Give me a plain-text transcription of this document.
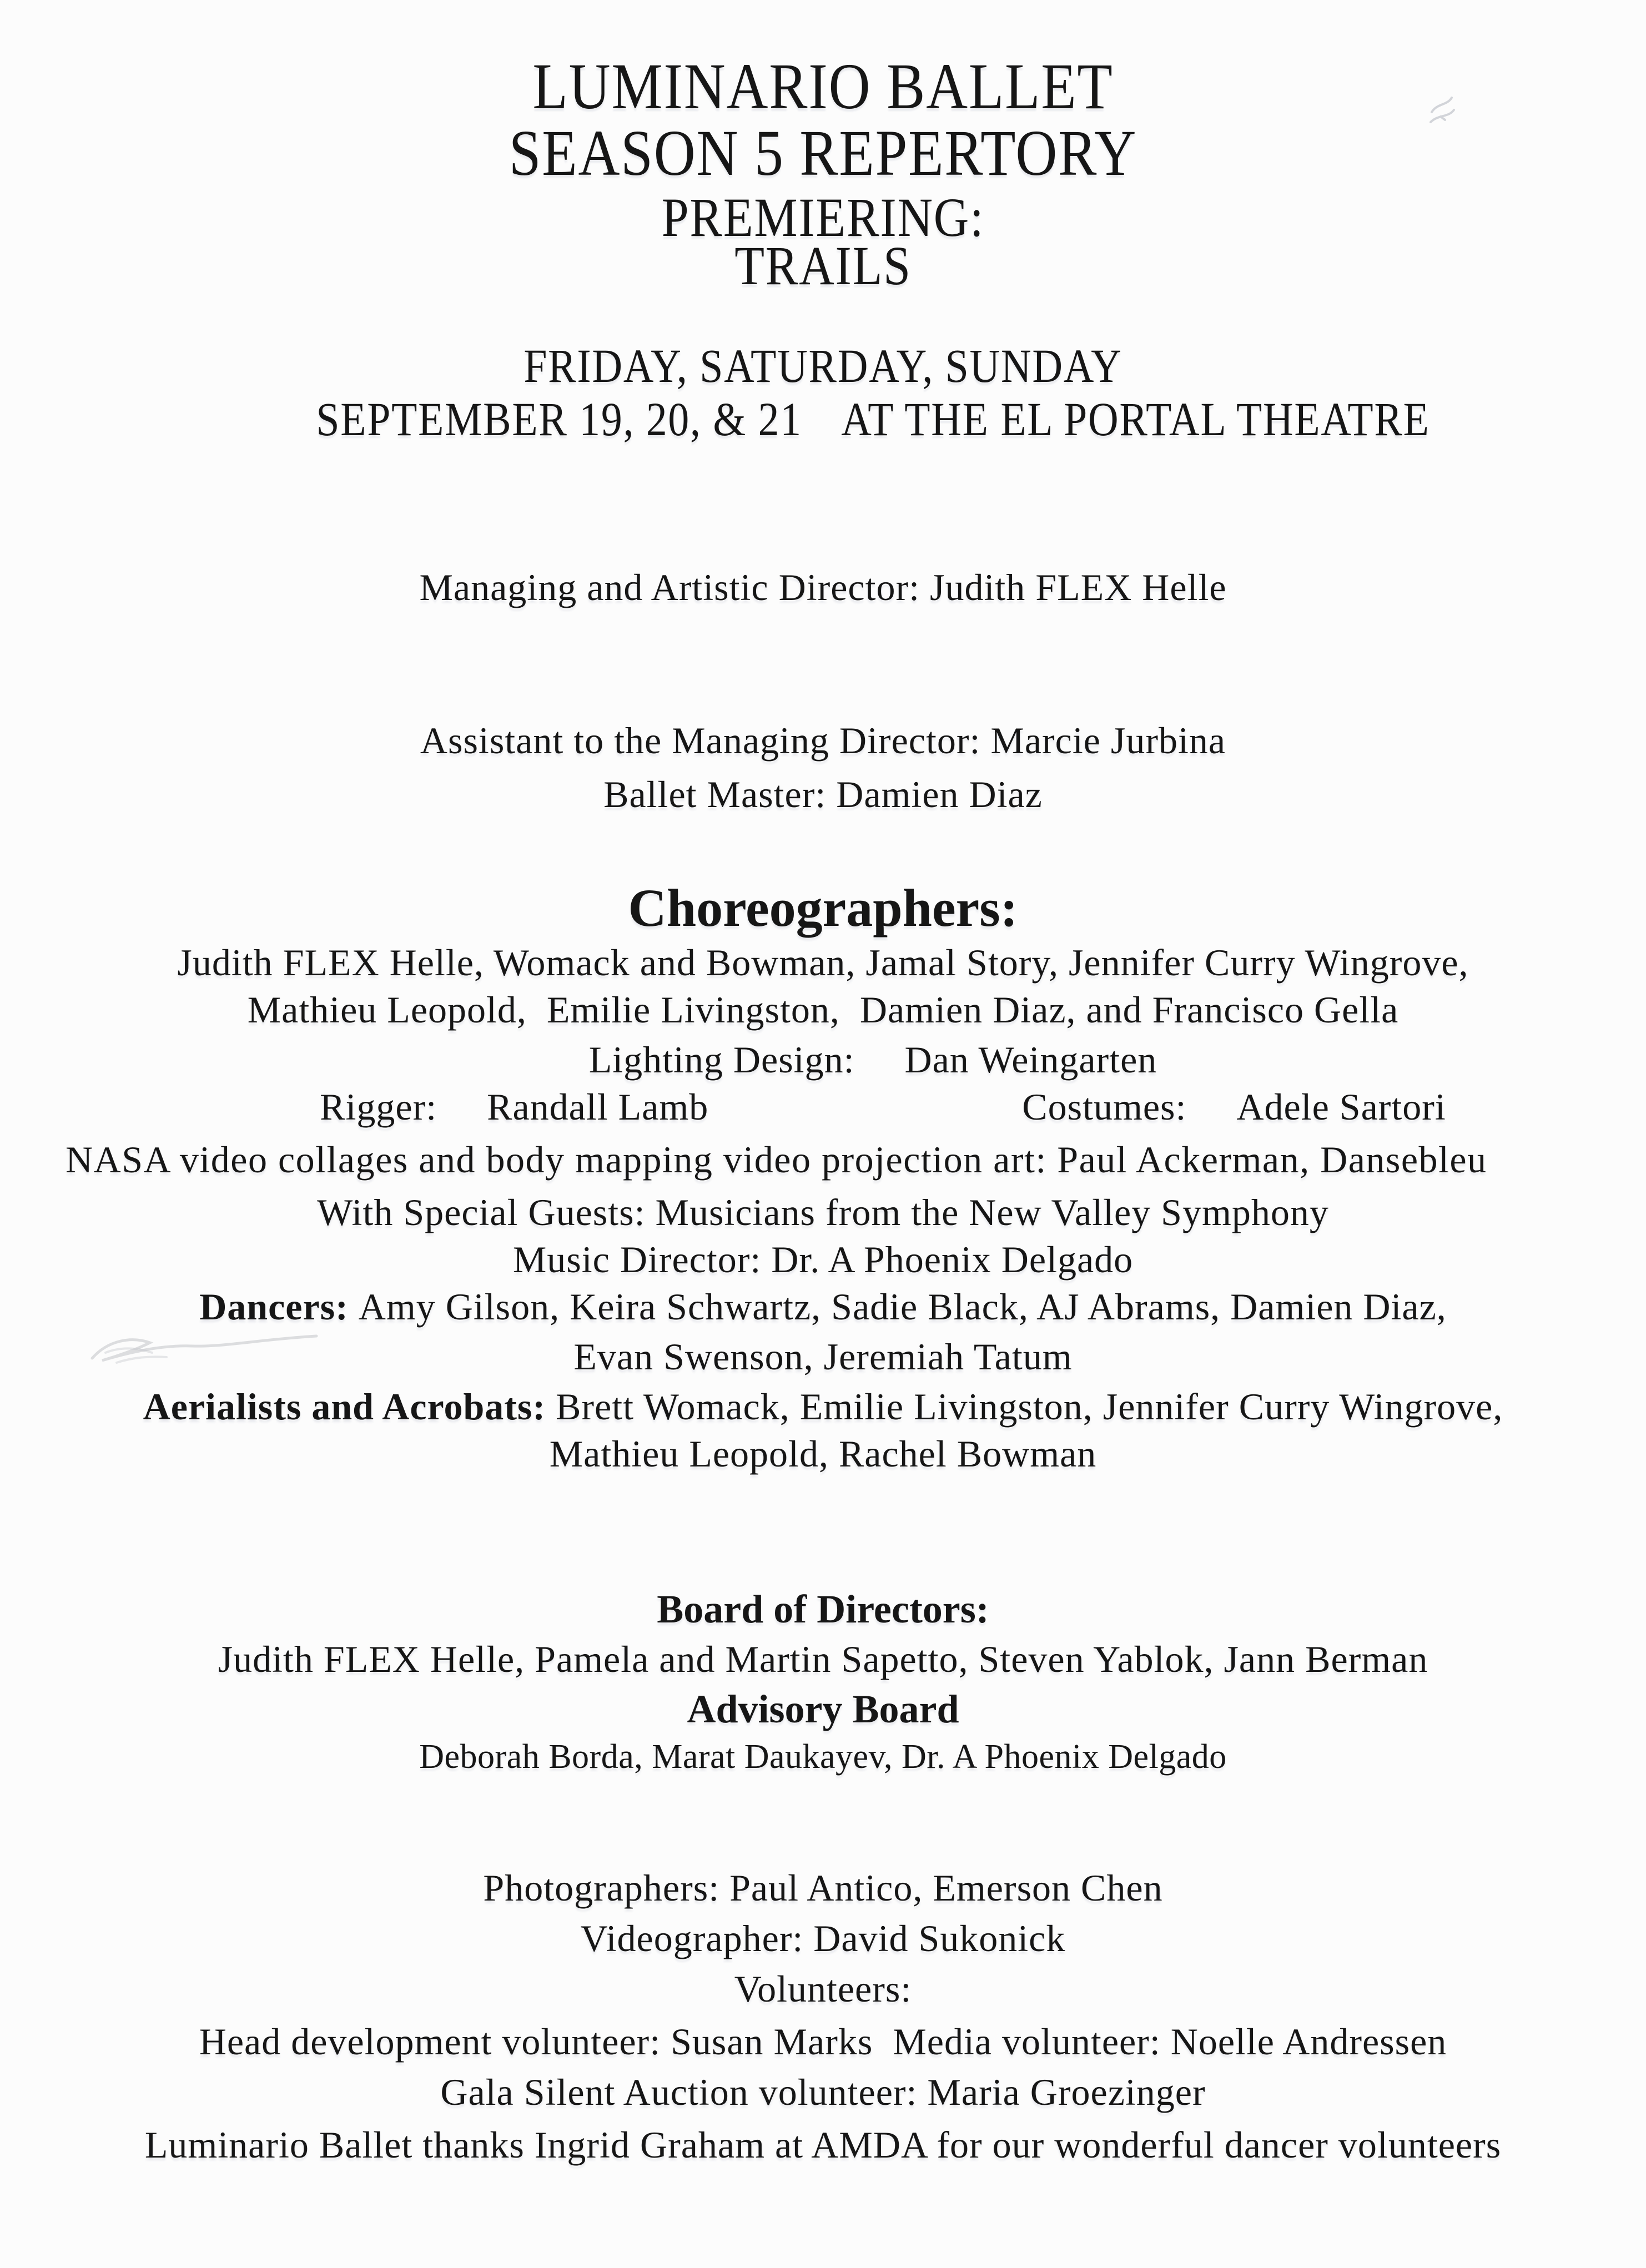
LUMINARIO BALLET
SEASON 5 REPERTORY
PREMIERING:
TRAILS
FRIDAY, SATURDAY, SUNDAY
SEPTEMBER 19, 20, & 21 AT THE EL PORTAL THEATRE
Managing and Artistic Director: Judith FLEX Helle
Assistant to the Managing Director: Marcie Jurbina
Ballet Master: Damien Diaz
Choreographers:
Judith FLEX Helle, Womack and Bowman, Jamal Story, Jennifer Curry Wingrove,
Mathieu Leopold,  Emilie Livingston,  Damien Diaz, and Francisco Gella
Lighting Design: Dan Weingarten
Rigger: Randall Lamb	Costumes: Adele Sartori
NASA video collages and body mapping video projection art: Paul Ackerman, Dansebleu
With Special Guests: Musicians from the New Valley Symphony
Music Director: Dr. A Phoenix Delgado
Dancers: Amy Gilson, Keira Schwartz, Sadie Black, AJ Abrams, Damien Diaz,
Evan Swenson, Jeremiah Tatum
Aerialists and Acrobats: Brett Womack, Emilie Livingston, Jennifer Curry Wingrove,
Mathieu Leopold, Rachel Bowman
Board of Directors:
Judith FLEX Helle, Pamela and Martin Sapetto, Steven Yablok, Jann Berman
Advisory Board
Deborah Borda, Marat Daukayev, Dr. A Phoenix Delgado
Photographers: Paul Antico, Emerson Chen
Videographer: David Sukonick
Volunteers:
Head development volunteer: Susan Marks  Media volunteer: Noelle Andressen
Gala Silent Auction volunteer: Maria Groezinger
Luminario Ballet thanks Ingrid Graham at AMDA for our wonderful dancer volunteers
